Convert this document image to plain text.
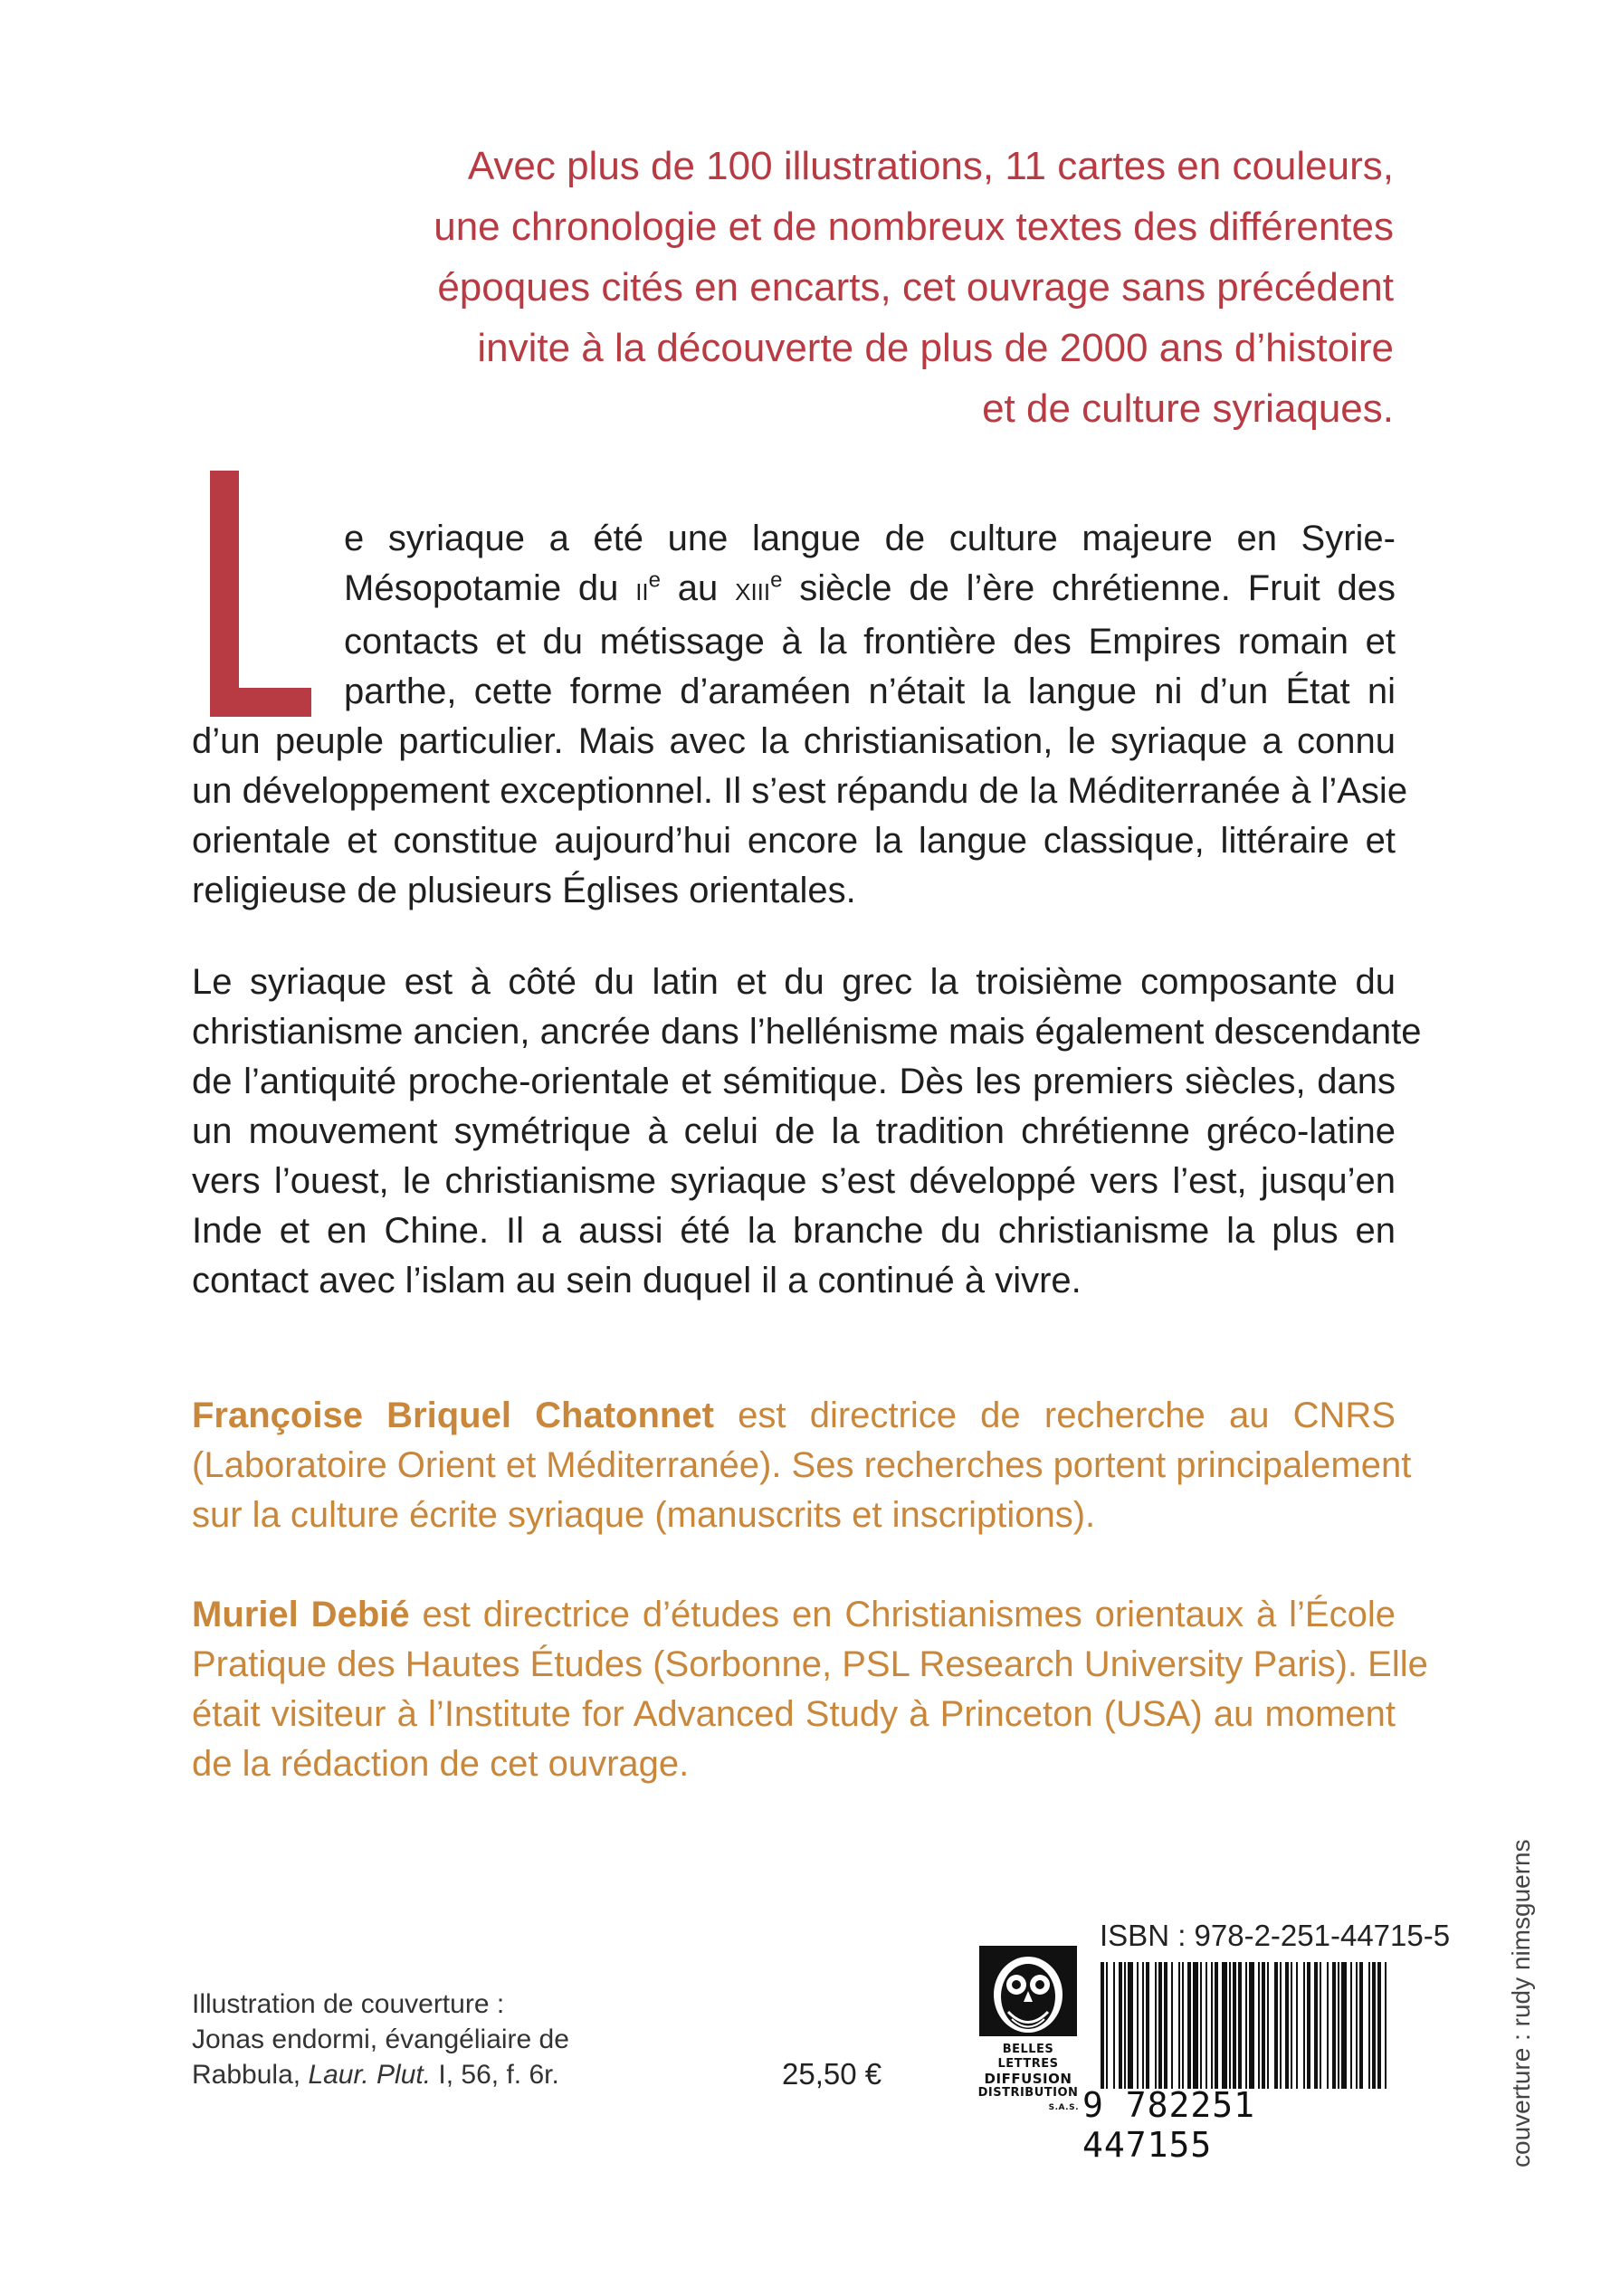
Avec plus de 100 illustrations, 11 cartes en couleurs,
une chronologie et de nombreux textes des différentes
époques cités en encarts, cet ouvrage sans précédent
invite à la découverte de plus de 2000 ans d’histoire
et de culture syriaques.
e syriaque a été une langue de culture majeure en Syrie-
Mésopotamie du IIe au XIIIe siècle de l’ère chrétienne. Fruit des
contacts et du métissage à la frontière des Empires romain et
parthe, cette forme d’araméen n’était la langue ni d’un État ni
d’un peuple particulier. Mais avec la christianisation, le syriaque a connu
un développement exceptionnel. Il s’est répandu de la Méditerranée à l’Asie
orientale et constitue aujourd’hui encore la langue classique, littéraire et
religieuse de plusieurs Églises orientales.
Le syriaque est à côté du latin et du grec la troisième composante du
christianisme ancien, ancrée dans l’hellénisme mais également descendante
de l’antiquité proche-orientale et sémitique. Dès les premiers siècles, dans
un mouvement symétrique à celui de la tradition chrétienne gréco-latine
vers l’ouest, le christianisme syriaque s’est développé vers l’est, jusqu’en
Inde et en Chine. Il a aussi été la branche du christianisme la plus en
contact avec l’islam au sein duquel il a continué à vivre.
Françoise Briquel Chatonnet est directrice de recherche au CNRS
(Laboratoire Orient et Méditerranée). Ses recherches portent principalement
sur la culture écrite syriaque (manuscrits et inscriptions).
Muriel Debié est directrice d’études en Christianismes orientaux à l’École
Pratique des Hautes Études (Sorbonne, PSL Research University Paris). Elle
était visiteur à l’Institute for Advanced Study à Princeton (USA) au moment
de la rédaction de cet ouvrage.
Illustration de couverture :
Jonas endormi, évangéliaire de
Rabbula, Laur. Plut. I, 56, f. 6r.	25,50 €
BELLES LETTRES
DIFFUSION
DISTRIBUTION
S.A.S.
ISBN : 978-2-251-44715-5
9 782251 447155	couverture : rudy nimsguerns
